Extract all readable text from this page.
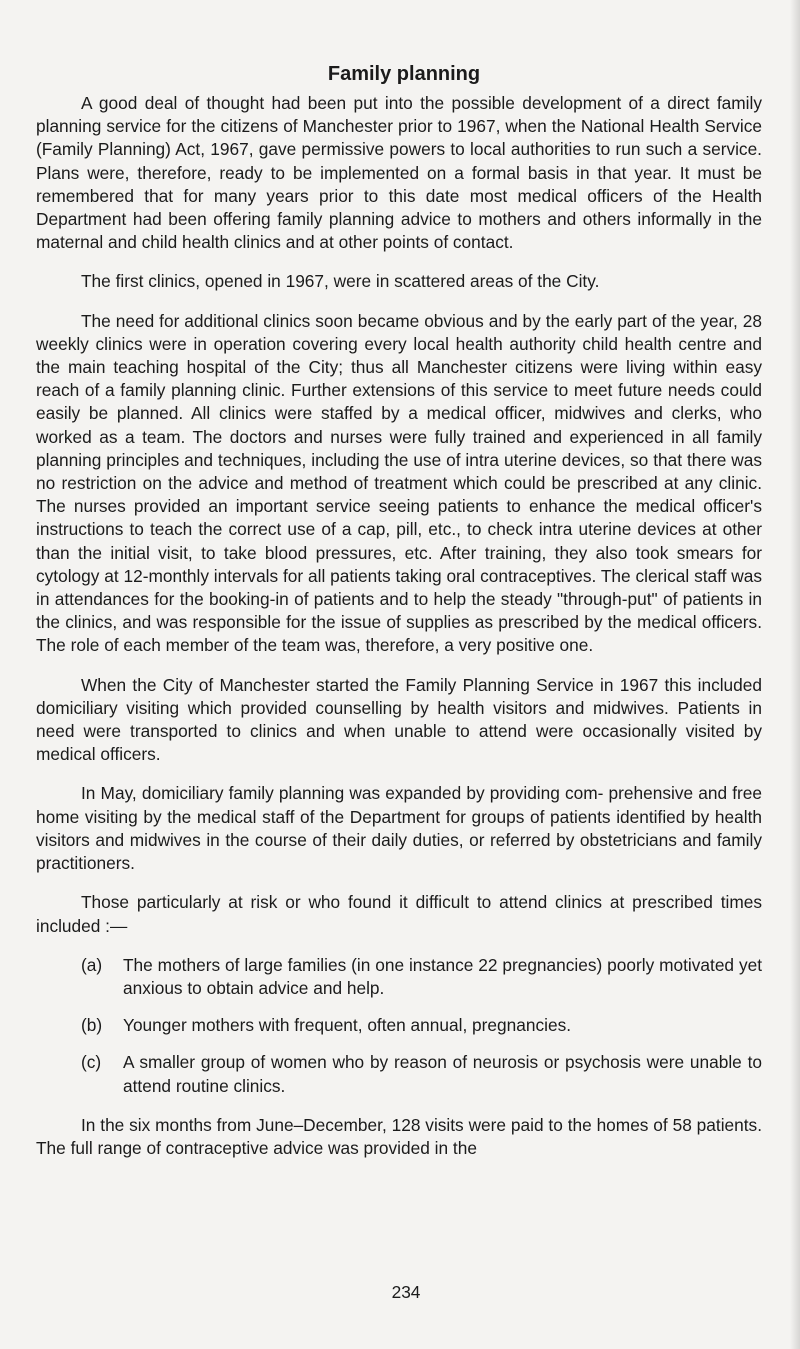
Family planning

A good deal of thought had been put into the possible development of a direct family planning service for the citizens of Manchester prior to 1967, when the National Health Service (Family Planning) Act, 1967, gave permissive powers to local authorities to run such a service. Plans were, therefore, ready to be implemented on a formal basis in that year. It must be remembered that for many years prior to this date most medical officers of the Health Department had been offering family planning advice to mothers and others informally in the maternal and child health clinics and at other points of contact.

The first clinics, opened in 1967, were in scattered areas of the City.

The need for additional clinics soon became obvious and by the early part of the year, 28 weekly clinics were in operation covering every local health authority child health centre and the main teaching hospital of the City; thus all Manchester citizens were living within easy reach of a family planning clinic. Further extensions of this service to meet future needs could easily be planned. All clinics were staffed by a medical officer, midwives and clerks, who worked as a team. The doctors and nurses were fully trained and experienced in all family planning principles and techniques, including the use of intra uterine devices, so that there was no restriction on the advice and method of treatment which could be prescribed at any clinic. The nurses provided an important service seeing patients to enhance the medical officer's instructions to teach the correct use of a cap, pill, etc., to check intra uterine devices at other than the initial visit, to take blood pressures, etc. After training, they also took smears for cytology at 12-monthly intervals for all patients taking oral contraceptives. The clerical staff was in attendances for the booking-in of patients and to help the steady "through-put" of patients in the clinics, and was responsible for the issue of supplies as prescribed by the medical officers. The role of each member of the team was, therefore, a very positive one.

When the City of Manchester started the Family Planning Service in 1967 this included domiciliary visiting which provided counselling by health visitors and midwives. Patients in need were transported to clinics and when unable to attend were occasionally visited by medical officers.

In May, domiciliary family planning was expanded by providing com- prehensive and free home visiting by the medical staff of the Department for groups of patients identified by health visitors and midwives in the course of their daily duties, or referred by obstetricians and family practitioners.

Those particularly at risk or who found it difficult to attend clinics at prescribed times included :—

(a)	The mothers of large families (in one instance 22 pregnancies) poorly motivated yet anxious to obtain advice and help.
(b)	Younger mothers with frequent, often annual, pregnancies.
(c)	A smaller group of women who by reason of neurosis or psychosis were unable to attend routine clinics.

In the six months from June–December, 128 visits were paid to the homes of 58 patients. The full range of contraceptive advice was provided in the

234
